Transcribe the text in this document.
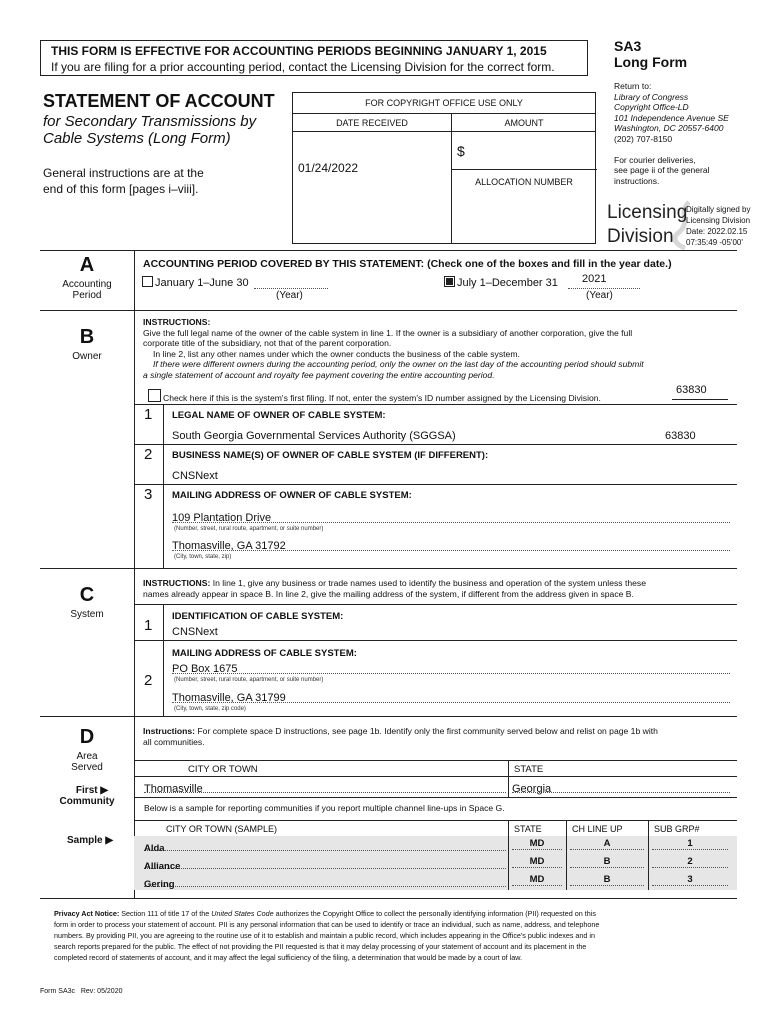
THIS FORM IS EFFECTIVE FOR ACCOUNTING PERIODS BEGINNING JANUARY 1, 2015
If you are filing for a prior accounting period, contact the Licensing Division for the correct form.
SA3
Long Form
STATEMENT OF ACCOUNT
for Secondary Transmissions by
Cable Systems (Long Form)
General instructions are at the
end of this form [pages i–viii].
FOR COPYRIGHT OFFICE USE ONLY
DATE RECEIVED	AMOUNT
$
01/24/2022
ALLOCATION NUMBER
Return to:
Library of Congress
Copyright Office-LD
101 Independence Avenue SE
Washington, DC 20557-6400
(202) 707-8150
For courier deliveries,
see page ii of the general
instructions.
Licensing
Division
Digitally signed by
Licensing Division
Date: 2022.02.15
07:35:49 -05'00'
A
Accounting
Period
ACCOUNTING PERIOD COVERED BY THIS STATEMENT: (Check one of the boxes and fill in the year date.)
January 1–June 30
(Year)
July 1–December 31 2021
(Year)
B
Owner
INSTRUCTIONS:
Give the full legal name of the owner of the cable system in line 1. If the owner is a subsidiary of another corporation, give the full
corporate title of the subsidiary, not that of the parent corporation.
In line 2, list any other names under which the owner conducts the business of the cable system.
If there were different owners during the accounting period, only the owner on the last day of the accounting period should submit
a single statement of account and royalty fee payment covering the entire accounting period.
Check here if this is the system's first filing. If not, enter the system's ID number assigned by the Licensing Division.
63830
1 LEGAL NAME OF OWNER OF CABLE SYSTEM:
South Georgia Governmental Services Authority (SGGSA)	63830
2 BUSINESS NAME(S) OF OWNER OF CABLE SYSTEM (IF DIFFERENT):
CNSNext
3 MAILING ADDRESS OF OWNER OF CABLE SYSTEM:
109 Plantation Drive
(Number, street, rural route, apartment, or suite number)
Thomasville, GA 31792
(City, town, state, zip)
C
System
INSTRUCTIONS: In line 1, give any business or trade names used to identify the business and operation of the system unless these
names already appear in space B. In line 2, give the mailing address of the system, if different from the address given in space B.
1
IDENTIFICATION OF CABLE SYSTEM:
CNSNext
2
MAILING ADDRESS OF CABLE SYSTEM:
PO Box 1675
(Number, street, rural route, apartment, or suite number)
Thomasville, GA 31799
(City, town, state, zip code)
D
Area
Served
First ▶
Community
Sample ▶
Instructions: For complete space D instructions, see page 1b. Identify only the first community served below and relist on page 1b with
all communities.
CITY OR TOWN	STATE
Thomasville	Georgia
Below is a sample for reporting communities if you report multiple channel line-ups in Space G.
CITY OR TOWN (SAMPLE)	STATE	CH LINE UP	SUB GRP#
Alda	MD	A	1
Alliance	MD	B	2
Gering	MD	B	3
Privacy Act Notice: Section 111 of title 17 of the United States Code authorizes the Copyright Office to collect the personally identifying information (PII) requested on this
form in order to process your statement of account. PII is any personal information that can be used to identify or trace an individual, such as name, address, and telephone
numbers. By providing PII, you are agreeing to the routine use of it to establish and maintain a public record, which includes appearing in the Office's public indexes and in
search reports prepared for the public. The effect of not providing the PII requested is that it may delay processing of your statement of account and its placement in the
completed record of statements of account, and it may affect the legal sufficiency of the filing, a determination that would be made by a court of law.
Form SA3c   Rev: 05/2020
